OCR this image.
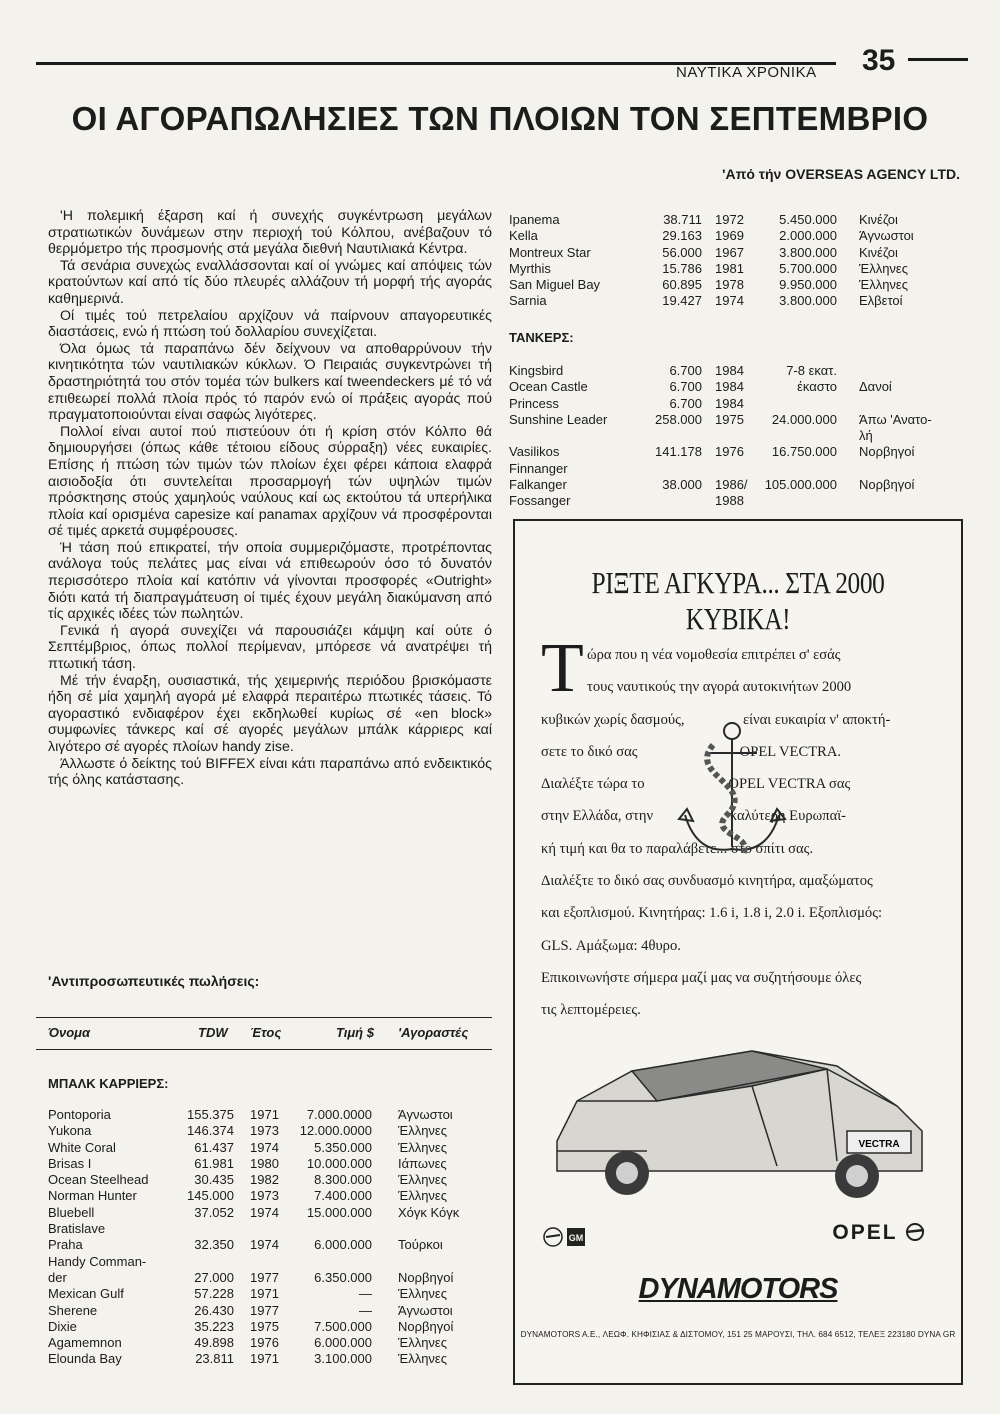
ΝΑΥΤΙΚΑ ΧΡΟΝΙΚΑ 35
ΟΙ ΑΓΟΡΑΠΩΛΗΣΙΕΣ ΤΩΝ ΠΛΟΙΩΝ ΤΟΝ ΣΕΠΤΕΜΒΡΙΟ
'Από τήν OVERSEAS AGENCY LTD.

'Η πολεμική έξαρση καί ή συνεχής συγκέντρωση μεγάλων στρατιωτικών δυνάμεων στην περιοχή τού Κόλπου, ανέβαζουν τό θερμόμετρο τής προσμονής στά μεγάλα διεθνή Ναυτιλιακά Κέντρα.

Τά σενάρια συνεχώς εναλλάσσονται καί οί γνώμες καί απόψεις τών κρατούντων καί από τίς δύο πλευρές αλλάζουν τή μορφή τής αγοράς καθημερινά.

Οί τιμές τού πετρελαίου αρχίζουν νά παίρνουν απαγορευτικές διαστάσεις, ενώ ή πτώση τού δολλαρίου συνεχίζεται.

Όλα όμως τά παραπάνω δέν δείχνουν να αποθαρρύνουν τήν κινητικότητα τών ναυτιλιακών κύκλων. Ό Πειραιάς συγκεντρώνει τή δραστηριότητά του στόν τομέα τών bulkers καί tweendeckers μέ τό νά επιθεωρεί πολλά πλοία πρός τό παρόν ενώ οί πράξεις αγοράς πού πραγματοποιούνται είναι σαφώς λιγότερες.

Πολλοί είναι αυτοί πού πιστεύουν ότι ή κρίση στόν Κόλπο θά δημιουργήσει (όπως κάθε τέτοιου είδους σύρραξη) νέες ευκαιρίες. Επίσης ή πτώση τών τιμών τών πλοίων έχει φέρει κάποια ελαφρά αισιοδοξία ότι συντελείται προσαρμογή τών υψηλών τιμών πρόσκτησης στούς χαμηλούς ναύλους καί ως εκτούτου τά υπερήλικα πλοία καί ορισμένα capesize καί panamax αρχίζουν νά προσφέρονται σέ τιμές αρκετά συμφέρουσες.

Ή τάση πού επικρατεί, τήν οποία συμμεριζόμαστε, προτρέποντας ανάλογα τούς πελάτες μας είναι νά επιθεωρούν όσο τό δυνατόν περισσότερο πλοία καί κατόπιν νά γίνονται προσφορές «Outright» διότι κατά τή διαπραγμάτευση οί τιμές έχουν μεγάλη διακύμανση από τίς αρχικές ιδέες τών πωλητών.

Γενικά ή αγορά συνεχίζει νά παρουσιάζει κάμψη καί ούτε ό Σεπτέμβριος, όπως πολλοί περίμεναν, μπόρεσε νά ανατρέψει τή πτωτική τάση.

Μέ τήν έναρξη, ουσιαστικά, τής χειμερινής περιόδου βρισκόμαστε ήδη σέ μία χαμηλή αγορά μέ ελαφρά περαιτέρω πτωτικές τάσεις. Τό αγοραστικό ενδιαφέρον έχει εκδηλωθεί κυρίως σέ «en block» συμφωνίες τάνκερς καί σέ αγορές μεγάλων μπάλκ κάρριερς καί λιγότερο σέ αγορές πλοίων handy zise.

Άλλωστε ό δείκτης τού BIFFEX είναι κάτι παραπάνω από ενδεικτικός τής όλης κατάστασης.

'Αντιπροσωπευτικές πωλήσεις:
Όνομα	TDW Έτος	Τιμή $ 'Αγοραστές
ΜΠΑΛΚ ΚΑΡΡΙΕΡΣ:
Pontoporia	155.375 1971 7.000.0000 Άγνωστοι
Yukona	146.374 1973 12.000.0000 Έλληνες
White Coral	61.437 1974	5.350.000 Έλληνες
Brisas I	61.981 1980 10.000.000 Ιάπωνες
Ocean Steelhead	30.435 1982	8.300.000 Έλληνες
Norman Hunter	145.000 1973	7.400.000 Έλληνες
Bluebell	37.052 1974 15.000.000 Χόγκ Κόγκ
Bratislave
Praha	32.350 1974	6.000.000 Τούρκοι
Handy Comman-
der	27.000 1977	6.350.000 Νορβηγοί
Mexican Gulf	57.228 1971	— Έλληνες
Sherene	26.430 1977	— Άγνωστοι
Dixie	35.223 1975	7.500.000 Νορβηγοί
Agamemnon	49.898 1976	6.000.000 Έλληνες
Elounda Bay	23.811 1971	3.100.000 Έλληνες
Ipanema	38.711 1972	5.450.000 Κινέζοι
Kella	29.163 1969	2.000.000 Άγνωστοι
Montreux Star	56.000 1967	3.800.000 Κινέζοι
Myrthis	15.786 1981	5.700.000 Έλληνες
San Miguel Bay	60.895 1978	9.950.000 Έλληνες
Sarnia	19.427 1974	3.800.000 Ελβετοί
ΤΑΝΚΕΡΣ:
Kingsbird	6.700 1984	7-8 εκατ.
Ocean Castle	6.700 1984	έκαστο Δανοί
Princess	6.700 1984
Sunshine Leader	258.000 1975 24.000.000 Άπω 'Ανατο-
λή
Vasilikos	141.178 1976 16.750.000 Νορβηγοί
Finnanger
Falkanger	38.000 1986/ 105.000.000 Νορβηγοί
Fossanger	1988
ΡΙΞΤΕ ΑΓΚΥΡΑ... ΣΤΑ 2000 ΚΥΒΙΚΑ!
Τ ώρα που η νέα νομοθεσία επιτρέπει σ' εσάς
τους ναυτικούς την αγορά αυτοκινήτων 2000
κυβικών χωρίς δασμούς,                είναι ευκαιρία ν' αποκτή-
σετε το δικό σας                            OPEL VECTRA.
Διαλέξτε τώρα το                       OPEL VECTRA σας
στην Ελλάδα, στην                     καλύτερη Ευρωπαϊ-
κή τιμή και θα το παραλάβετε... στο σπίτι σας.
Διαλέξτε το δικό σας συνδυασμό κινητήρα, αμαξώματος
και εξοπλισμού. Κινητήρας: 1.6 i, 1.8 i, 2.0 i. Εξοπλισμός:
GLS. Αμάξωμα: 4θυρο.
Επικοινωνήστε σήμερα μαζί μας να συζητήσουμε όλες
τις λεπτομέρειες.
VECTRA
GM	OPEL
DYNAMOTORS
DYNAMOTORS A.E., ΛΕΩΦ. ΚΗΦΙΣΙΑΣ & ΔΙΣΤΟΜΟΥ, 151 25 ΜΑΡΟΥΣΙ, ΤΗΛ. 684 6512, ΤΕΛΕΞ 223180 DYNA GR
